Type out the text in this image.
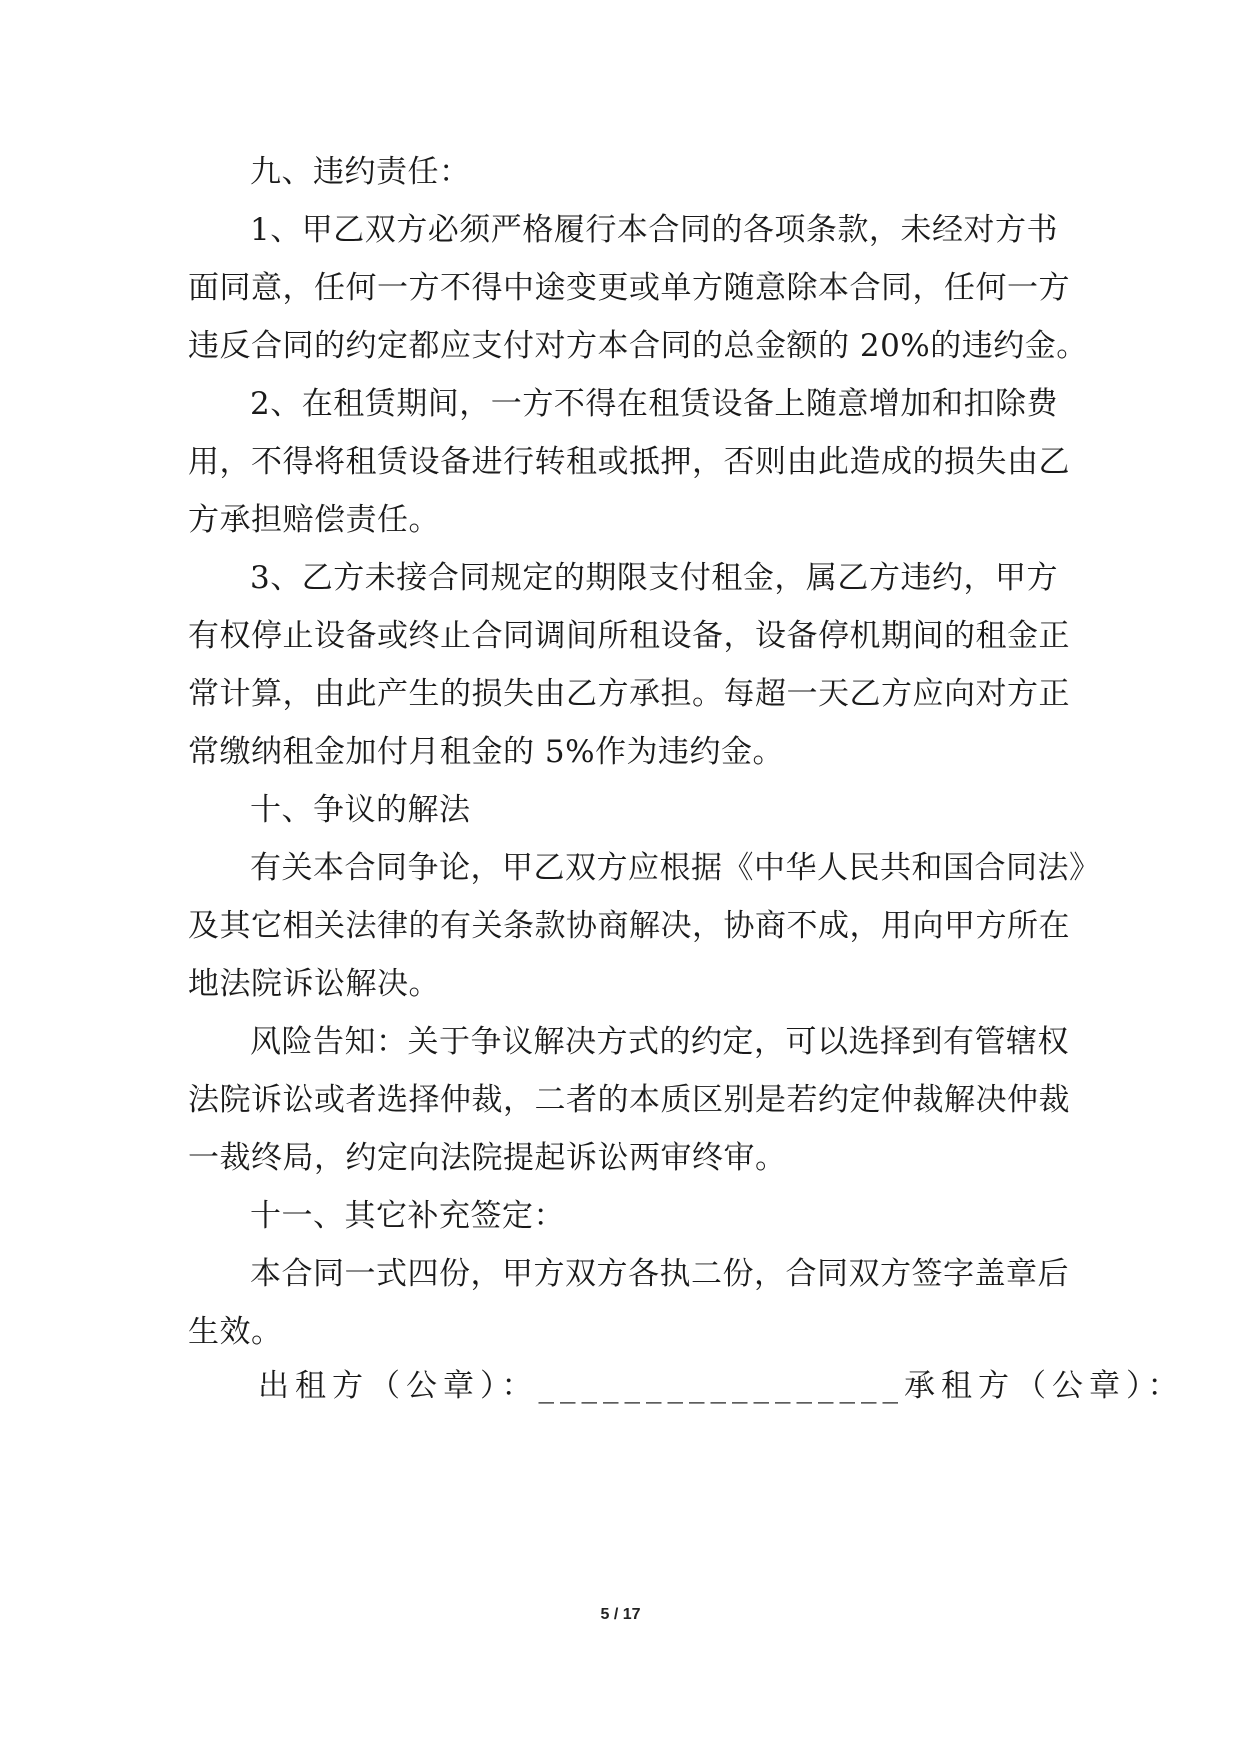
九、违约责任：
1、甲乙双方必须严格履行本合同的各项条款，未经对方书
面同意，任何一方不得中途变更或单方随意除本合同，任何一方
违反合同的约定都应支付对方本合同的总金额的 20%的违约金。
2、在租赁期间，一方不得在租赁设备上随意增加和扣除费
用，不得将租赁设备进行转租或抵押，否则由此造成的损失由乙
方承担赔偿责任。
3、乙方未接合同规定的期限支付租金，属乙方违约，甲方
有权停止设备或终止合同调间所租设备，设备停机期间的租金正
常计算，由此产生的损失由乙方承担。每超一天乙方应向对方正
常缴纳租金加付月租金的 5%作为违约金。
十、争议的解法
有关本合同争论，甲乙双方应根据《中华人民共和国合同法》
及其它相关法律的有关条款协商解决，协商不成，用向甲方所在
地法院诉讼解决。
风险告知：关于争议解决方式的约定，可以选择到有管辖权
法院诉讼或者选择仲裁，二者的本质区别是若约定仲裁解决仲裁
一裁终局，约定向法院提起诉讼两审终审。
十一、其它补充签定：
本合同一式四份，甲方双方各执二份，合同双方签字盖章后
生效。
出租方（公章）：_________________承租方（公章）：
5 / 17
